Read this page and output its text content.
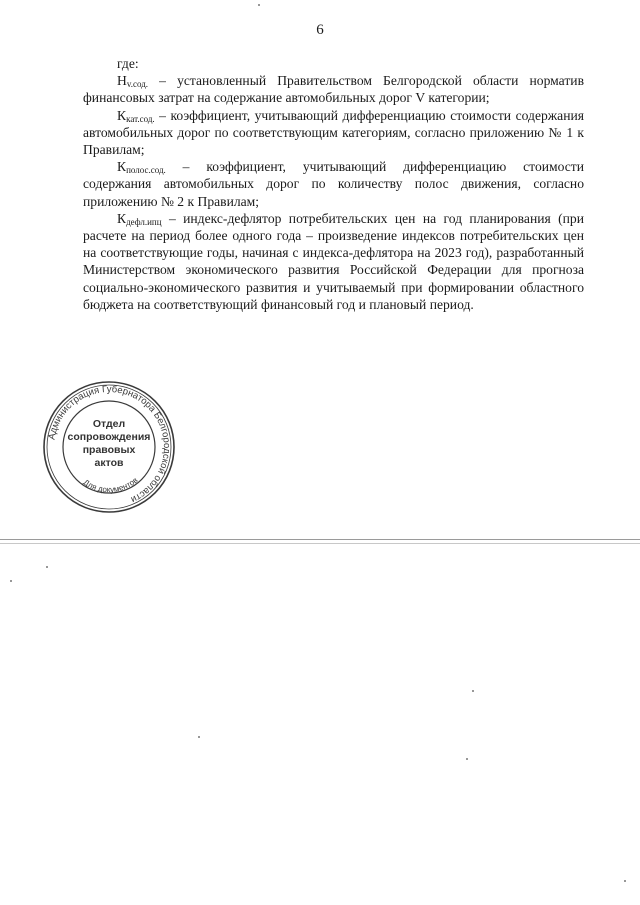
6

где:

$Н_{v.сод.}$ – установленный Правительством Белгородской области норматив финансовых затрат на содержание автомобильных дорог V категории;

$К_{кат.сод.}$ – коэффициент, учитывающий дифференциацию стоимости содержания автомобильных дорог по соответствующим категориям, согласно приложению № 1 к Правилам;

$К_{полос.сод.}$ – коэффициент, учитывающий дифференциацию стоимости содержания автомобильных дорог по количеству полос движения, согласно приложению № 2 к Правилам;

$К_{дефл.ипц}$ – индекс-дефлятор потребительских цен на год планирования (при расчете на период более одного года – произведение индексов потребительских цен на соответствующие годы, начиная с индекса-дефлятора на 2023 год), разработанный Министерством экономического развития Российской Федерации для прогноза социально-экономического развития и учитываемый при формировании областного бюджета на соответствующий финансовый год и плановый период.

Администрация Губернатора Белгородской области
Для документов
Отдел
сопровождения
правовых
актов
